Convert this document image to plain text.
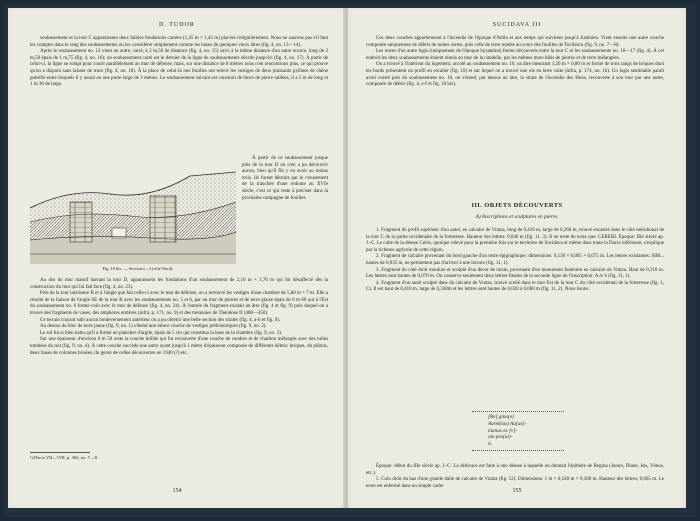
D. TUDOR

soubassement et la tour C apparaissent deux faibles fondations carrées (1,45 m × 1,45 m) placées irrégulièrement. Nous ne saurons pas s'il faut les compter dans le rang des soubassements ou les considérer simplement comme les bases de quelques vieux âtres (fig. 4, no. 13—14).

Après le soubassement no. 12 vient un autre, carré, à 2 m,50 de distance (fig. 4, no. 15) suivi à la même distance d'un autre encore, long de 2 m,50 épais de 1 m,75 (fig. 4, no. 16); un soubassement carré est le dernier de la ligne de soubassements décrite jusqu'ici (fig. 4, no. 17). À partir de celui-ci, la ligne se rompt pour courir parallèlement au mur de défense, mais, sur une distance de 8 mètres nous n'en rencontrons plus, ce qui prouve qu'on a disparu sans laisser de trace (fig. 4, no. 18). À la place de celui-là nos fouilles ont relevé les vestiges de deux puissants pylônes de chêne putréfié entre lesquels il y aurait eu une porte large de 3 mètres. Le soubassement suivant est construit de blocs de pierre taillées, il a 5 m de long et 1 m 30 de large.

Fig. 10 bis. — Section e—f (côté Nord).

À partir de ce soubassement jusque près de la tour D on n'en a pu découvrir aucun, bien qu'il fût y en avoir au moins trois. Ils furent détruits par le creusement de la tranchée d'une redoute au XVIe siècle, c'est ce qui reste à préciser dans la prochaine campagne de fouilles.

Au dos du mur massif barrant la tour D, apparaissent les fondations d'un soubassement de 2,10 m × 1,70 m qui fut désaffecté dès la construction du mur qui lui fait face (fig. 4, no. 23).

Près de la tour intérieure B et à l'angle que fait celle-ci avec le mur de défense, on a retrouvé les vestiges d'une chambre de 5,80 m × 7 m. Elle a résulté de la liaison de l'angle SE de la tour B avec les soubassements no. 5 et 6, par un mur de pierres et de terre glaise épais de 0 m 60 qui à l'Est du soubassement no. 6 forme coin avec le mur de défense (fig. 4, no. 24). À l'entrée du fragment existait un âtre (fig. 4 et fig. 9) près duquel on a trouvé des fragments de vases, des amphores entières (infra, p. 171, no. 9) et des monnaies de Théodose II (408—450).

Ce terrain n'ayant subi aucun bouleversement antérieur on a pu obtenir une belle section des strates (fig. 4, a-b et fig. 9).

Au dessus du bloc de terre jaune (fig. 9, no. 1) s'étend une mince couche de vestiges préhistoriques (fig. 9, no. 2).

Le sol fut si bien battu qu'il a formé un plancher d'argile, épais de 5 cm qui constitua la base de la chambre (fig. 9, no. 3).

Sur une épaisseur d'environ 0 m 50 reste la couche brûlée qui fut recouverte d'une couche de cendres et de charbon mélangés avec des tuiles tombées du toit (fig. 9, no. 4). À cette couche succède une autre ayant jusqu'à 1 mètre d'épaisseur composée de différents débris: briques, du plâtras, deux bases de colonnes brisées, du genre de celles découvertes en 1940 (?) etc.

¹) Dacia VII—VIII, p. 366, no. 7—8.
154
SUCIDAVA III

Ces deux couches appartiennent à l'incendie de l'époque d'Attila et aux temps qui suivirent jusqu'à Justinien. Vient ensuite une autre couche composée uniquement de débris de toutes sortes, puis celle de terre rejetée au cours des fouilles de Tocilescu (fig. 9, no. 7—8).

Les restes d'un autre logis (uniquement de l'époque byzantine) furent découverts entre la tour C et les soubassements no. 16—17 (fig. 4). À cet endroit les deux soubassements étaient réunis au mur de la citadelle, par les mêmes murs bâtis de pierres et de terre mélangées.

On a trouvé à l'intérieur du logement, accolé au soubassement no. 16, un âtre mesurant 1,20 m × 0,80 m et formé de trois rangs de briques dont les bords présentent un profil en escalier (fig. 10) et sur lequel on a trouvé une oie en terre cuite (infra, p. 174, no. 16). Un logis semblable paraît avoir existé près du soubassement no. 19, où s'étend, par dessus un âtre, la strate de l'incendie des Huns, recouverte à son tour par une autre, composée de débris (fig. 4, e-f et fig. 10 bis).

III. OBJETS DÉCOUVERTS
A) Inscriptions et sculptures en pierre.

1. Fragment du profil supérieur d'un autel, en calcaire de Vratza, long de 0,410 m, large de 0,260 m, trouvé encastré dans le côté méridional de la tour C de la partie occidentale de la forteresse. Hauteur des lettres: 0,040 m (fig. 11, 3). Il ne reste du texte que: CERERI. Époque: IIIe siècle ap. J.-C. Le culte de la déesse Cérès, quoique relevé pour la première fois sur le territoire de Sucidava et même dans toute la Dacie inférieure, s'explique par la richesse agricole de cette région.

2. Fragment de calcaire provenant du bord gauche d'un texte épigraphique; dimensions: 0,130 × 0,095 × 0,075 m. Les lettres existantes: SIM... hautes de 0,035 m, ne permettent pas d'arriver à une lecture (fig. 11, 1).

3. Fragment du côté droit moulure et sculpté d'un décor de raisin, provenant d'un monument funéraire en calcaire de Vratza. Haut de 0,310 m. Les lettres sont hautes de 0,070 m. On conserve seulement deux lettres finales de la seconde ligne de l'inscription: A et S (fig. 11, 1).

4. Fragment d'un autel sculpté dans du calcaire de Vratza, trouvé scellé dans le mur Est de la tour C du côté occidental de la forteresse (fig. 1, C). Il est haut de 0,410 m, large de 0,330m et les lettres sont hautes de 0,020 à 0,060 m (fig. 11, 2). Nous lisons:

[Re] gina(e)
Aurel(ius) Au[us]-
nianus ex [v]-
oto pos(ui)-
it.

Époque: début du IIIe siècle ap. J.-C. La dédicace est faite à une déesse à laquelle on donnait l'épithète de Regina (Junon, Diane, Isis, Vénus, etc.).

5. Coin droit du bas d'une grande dalle de calcaire de Vratza (fig. 12). Dimensions: 1 m × 0,540 m × 0,300 m. Hauteur des lettres; 0,065 m. Le texte est enfermé dans un simple cadre

155
